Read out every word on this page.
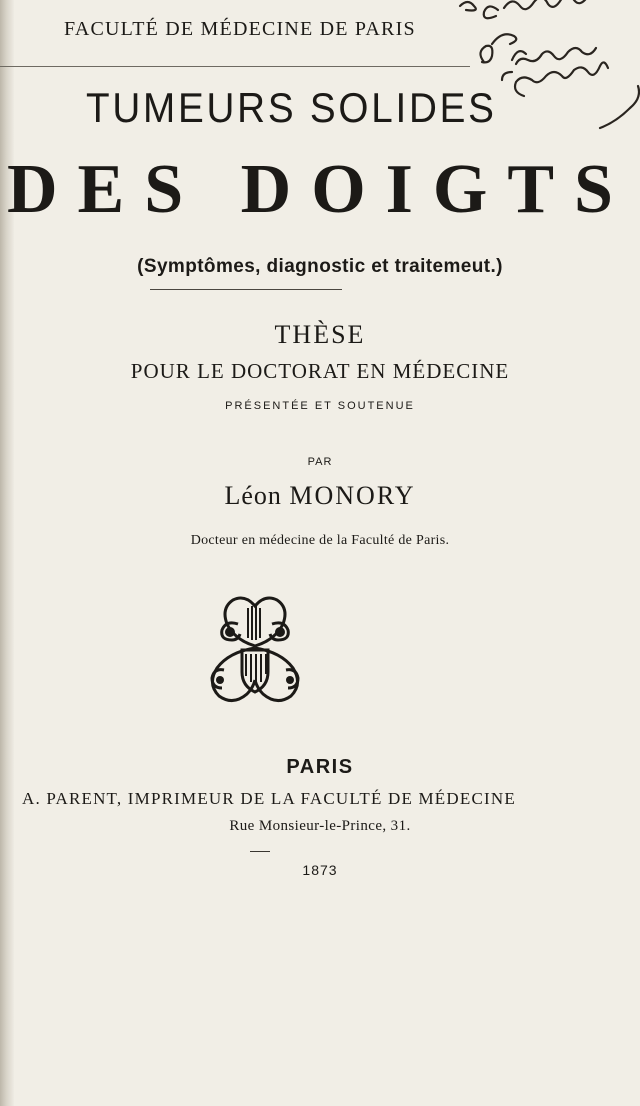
FACULTÉ DE MÉDECINE DE PARIS
TUMEURS SOLIDES
DES DOIGTS
(Symptômes, diagnostic et traitemeut.)
THÈSE
POUR LE DOCTORAT EN MÉDECINE
PRÉSENTÉE ET SOUTENUE
PAR
Léon MONORY
Docteur en médecine de la Faculté de Paris.
PARIS
A. PARENT, IMPRIMEUR DE LA FACULTÉ DE MÉDECINE
Rue Monsieur-le-Prince, 31.
1873
